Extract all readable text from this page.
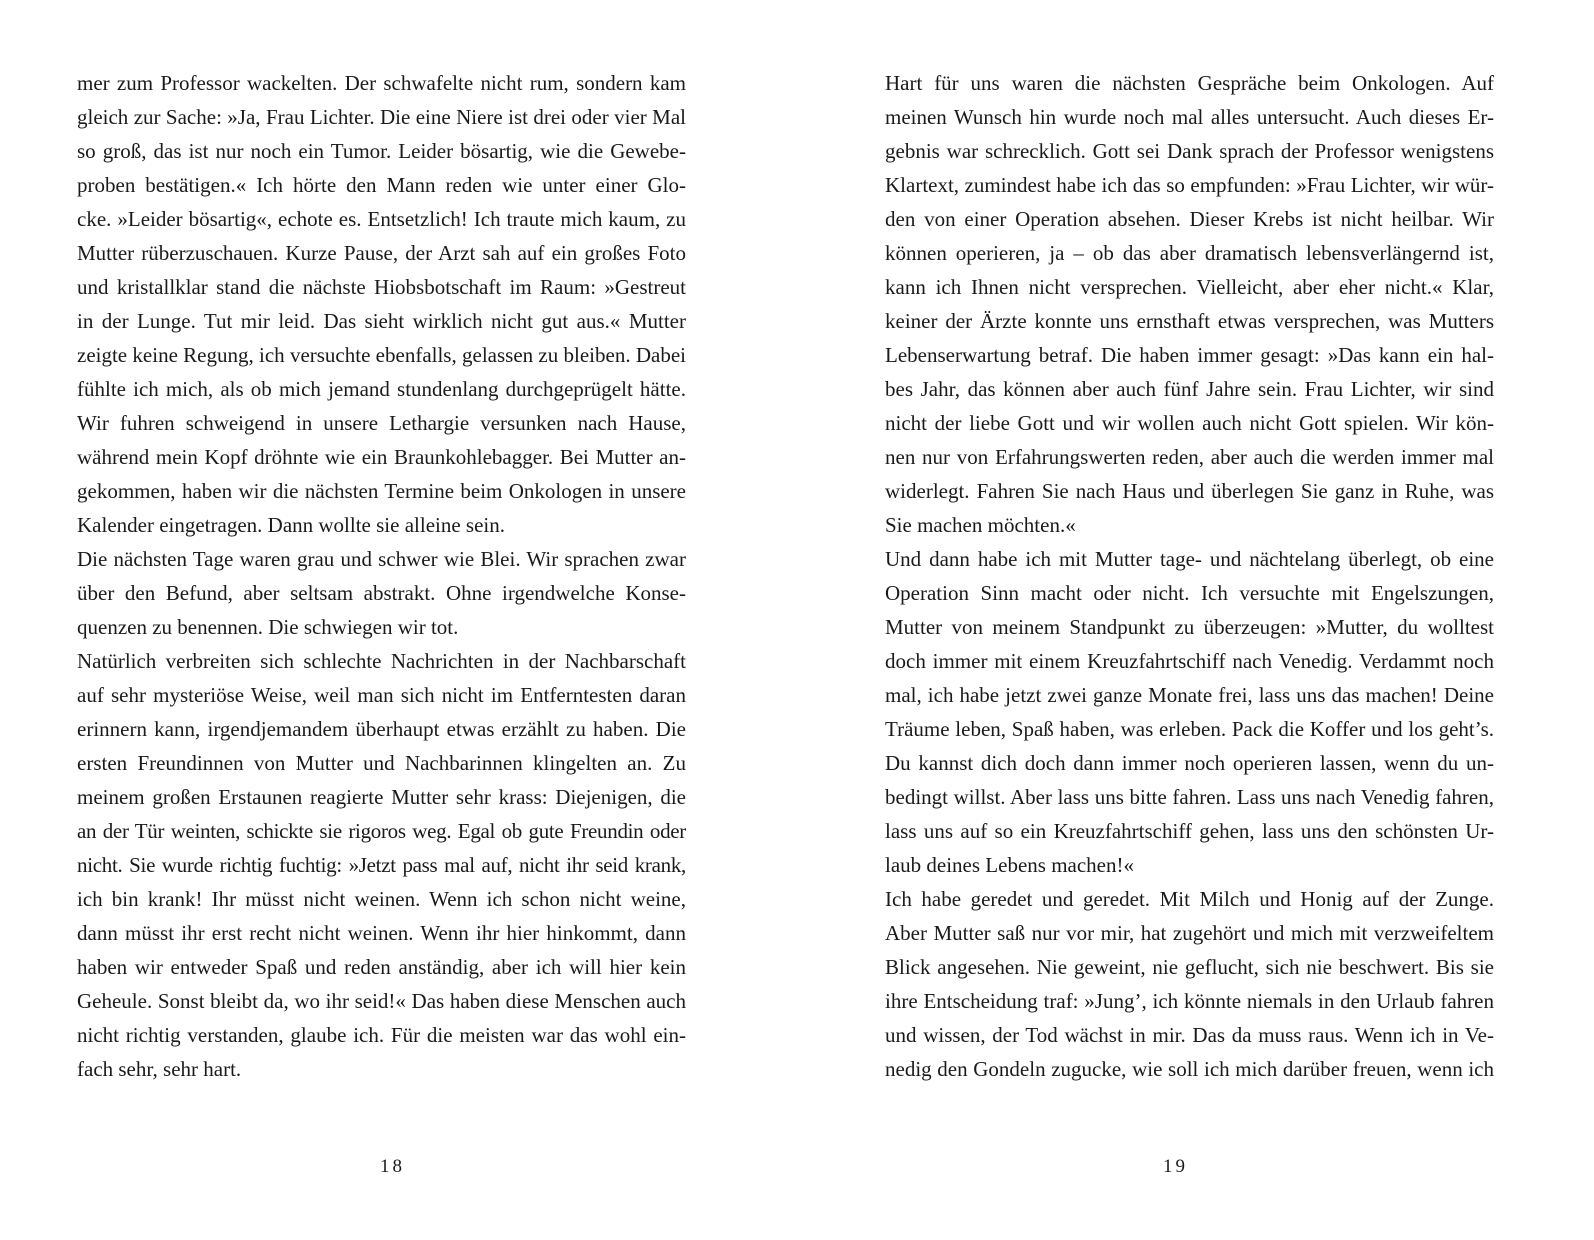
mer zum Professor wackelten. Der schwafelte nicht rum, sondern kam
gleich zur Sache: »Ja, Frau Lichter. Die eine Niere ist drei oder vier Mal
so groß, das ist nur noch ein Tumor. Leider bösartig, wie die Gewebe-
proben bestätigen.« Ich hörte den Mann reden wie unter einer Glo-
cke. »Leider bösartig«, echote es. Entsetzlich! Ich traute mich kaum, zu
Mutter rüberzuschauen. Kurze Pause, der Arzt sah auf ein großes Foto
und kristallklar stand die nächste Hiobsbotschaft im Raum: »Gestreut
in der Lunge. Tut mir leid. Das sieht wirklich nicht gut aus.« Mutter
zeigte keine Regung, ich versuchte ebenfalls, gelassen zu bleiben. Dabei
fühlte ich mich, als ob mich jemand stundenlang durchgeprügelt hätte.
Wir fuhren schweigend in unsere Lethargie versunken nach Hause,
während mein Kopf dröhnte wie ein Braunkohlebagger. Bei Mutter an-
gekommen, haben wir die nächsten Termine beim Onkologen in unsere
Kalender eingetragen. Dann wollte sie alleine sein.
Die nächsten Tage waren grau und schwer wie Blei. Wir sprachen zwar
über den Befund, aber seltsam abstrakt. Ohne irgendwelche Konse-
quenzen zu benennen. Die schwiegen wir tot.
Natürlich verbreiten sich schlechte Nachrichten in der Nachbarschaft
auf sehr mysteriöse Weise, weil man sich nicht im Entferntesten daran
erinnern kann, irgendjemandem überhaupt etwas erzählt zu haben. Die
ersten Freundinnen von Mutter und Nachbarinnen klingelten an. Zu
meinem großen Erstaunen reagierte Mutter sehr krass: Diejenigen, die
an der Tür weinten, schickte sie rigoros weg. Egal ob gute Freundin oder
nicht. Sie wurde richtig fuchtig: »Jetzt pass mal auf, nicht ihr seid krank,
ich bin krank! Ihr müsst nicht weinen. Wenn ich schon nicht weine,
dann müsst ihr erst recht nicht weinen. Wenn ihr hier hinkommt, dann
haben wir entweder Spaß und reden anständig, aber ich will hier kein
Geheule. Sonst bleibt da, wo ihr seid!« Das haben diese Menschen auch
nicht richtig verstanden, glaube ich. Für die meisten war das wohl ein-
fach sehr, sehr hart.
18
Hart für uns waren die nächsten Gespräche beim Onkologen. Auf
meinen Wunsch hin wurde noch mal alles untersucht. Auch dieses Er-
gebnis war schrecklich. Gott sei Dank sprach der Professor wenigstens
Klartext, zumindest habe ich das so empfunden: »Frau Lichter, wir wür-
den von einer Operation absehen. Dieser Krebs ist nicht heilbar. Wir
können operieren, ja – ob das aber dramatisch lebensverlängernd ist,
kann ich Ihnen nicht versprechen. Vielleicht, aber eher nicht.« Klar,
keiner der Ärzte konnte uns ernsthaft etwas versprechen, was Mutters
Lebenserwartung betraf. Die haben immer gesagt: »Das kann ein hal-
bes Jahr, das können aber auch fünf Jahre sein. Frau Lichter, wir sind
nicht der liebe Gott und wir wollen auch nicht Gott spielen. Wir kön-
nen nur von Erfahrungswerten reden, aber auch die werden immer mal
widerlegt. Fahren Sie nach Haus und überlegen Sie ganz in Ruhe, was
Sie machen möchten.«
Und dann habe ich mit Mutter tage- und nächtelang überlegt, ob eine
Operation Sinn macht oder nicht. Ich versuchte mit Engelszungen,
Mutter von meinem Standpunkt zu überzeugen: »Mutter, du wolltest
doch immer mit einem Kreuzfahrtschiff nach Venedig. Verdammt noch
mal, ich habe jetzt zwei ganze Monate frei, lass uns das machen! Deine
Träume leben, Spaß haben, was erleben. Pack die Koffer und los geht’s.
Du kannst dich doch dann immer noch operieren lassen, wenn du un-
bedingt willst. Aber lass uns bitte fahren. Lass uns nach Venedig fahren,
lass uns auf so ein Kreuzfahrtschiff gehen, lass uns den schönsten Ur-
laub deines Lebens machen!«
Ich habe geredet und geredet. Mit Milch und Honig auf der Zunge.
Aber Mutter saß nur vor mir, hat zugehört und mich mit verzweifeltem
Blick angesehen. Nie geweint, nie geflucht, sich nie beschwert. Bis sie
ihre Entscheidung traf: »Jung’, ich könnte niemals in den Urlaub fahren
und wissen, der Tod wächst in mir. Das da muss raus. Wenn ich in Ve-
nedig den Gondeln zugucke, wie soll ich mich darüber freuen, wenn ich
19
